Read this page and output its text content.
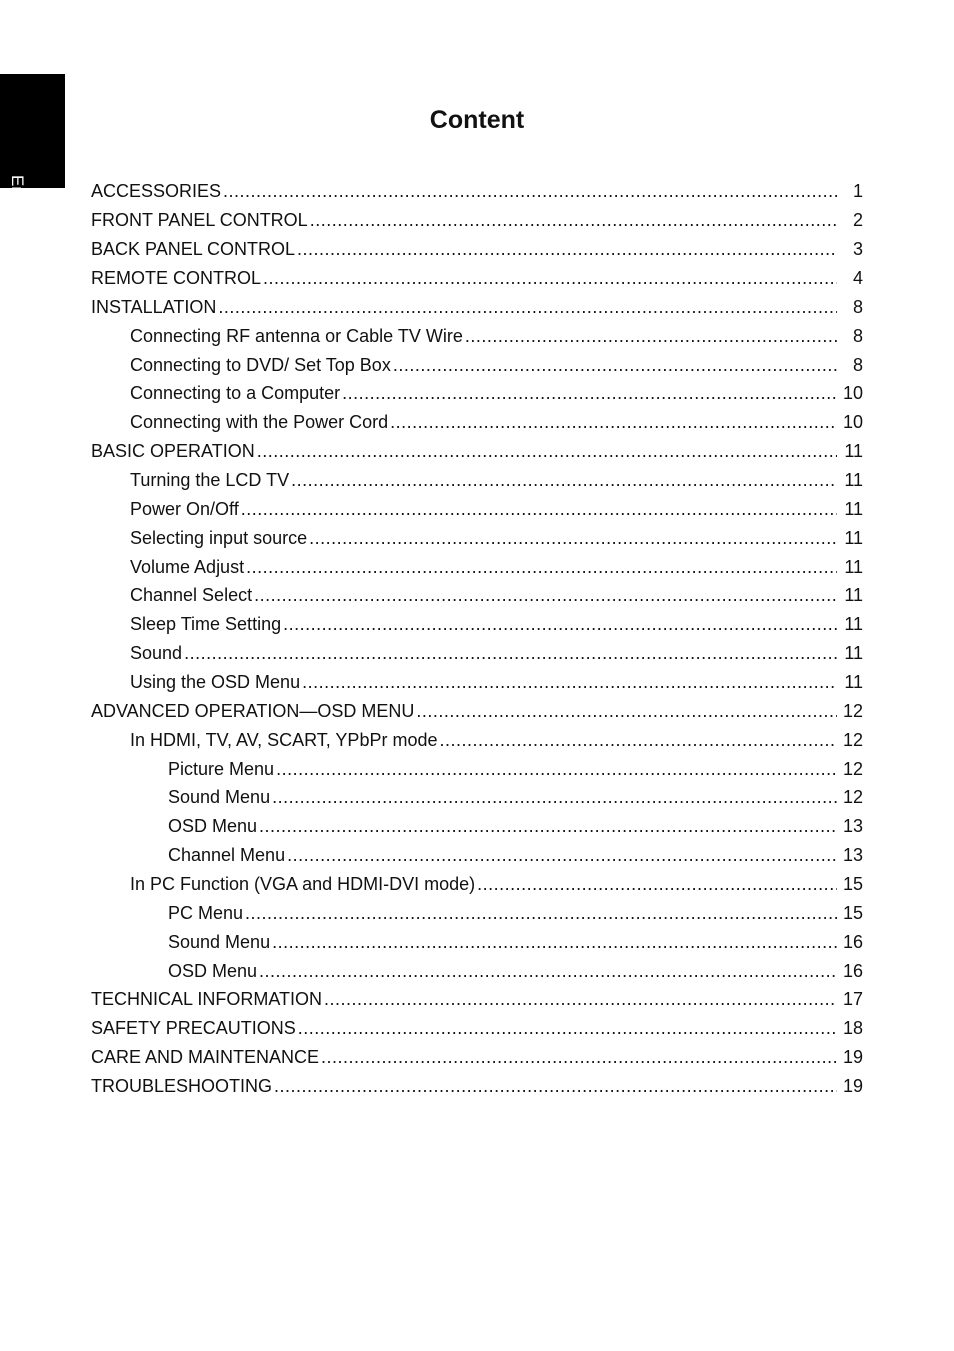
English
Content
ACCESSORIES .....	1
FRONT PANEL CONTROL .....	2
BACK PANEL CONTROL .....	3
REMOTE CONTROL .....	4
INSTALLATION .....	8
Connecting RF antenna or Cable TV Wire .....	8
Connecting to DVD/ Set Top Box .....	8
Connecting to a Computer .....	10
Connecting with the Power Cord .....	10
BASIC OPERATION .....	11
Turning the LCD TV .....	11
Power On/Off .....	11
Selecting input source .....	11
Volume Adjust .....	11
Channel Select .....	11
Sleep Time Setting .....	11
Sound .....	11
Using the OSD Menu .....	11
ADVANCED OPERATION—OSD MENU .....	12
In HDMI, TV, AV, SCART, YPbPr mode .....	12
Picture Menu .....	12
Sound Menu .....	12
OSD Menu .....	13
Channel Menu .....	13
In PC Function (VGA and HDMI-DVI mode) .....	15
PC Menu .....	15
Sound Menu .....	16
OSD Menu .....	16
TECHNICAL INFORMATION .....	17
SAFETY PRECAUTIONS .....	18
CARE AND MAINTENANCE .....	19
TROUBLESHOOTING .....	19
